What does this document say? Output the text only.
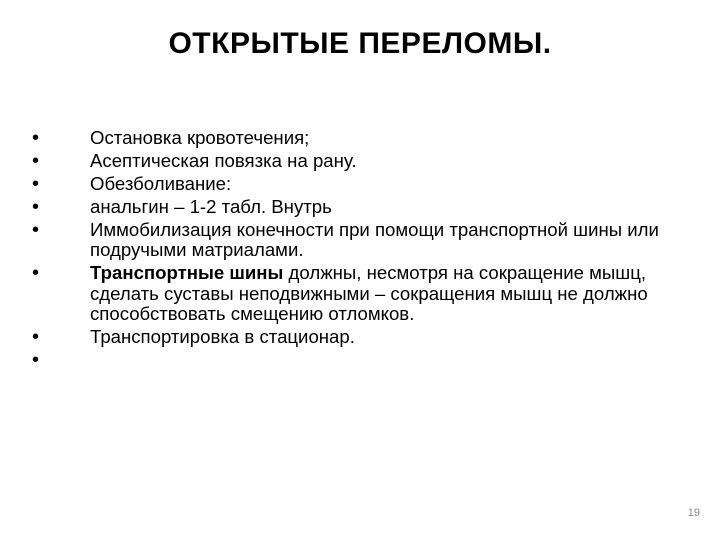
ОТКРЫТЫЕ ПЕРЕЛОМЫ.
•	Остановка кровотечения;
•	Асептическая повязка на рану.
•	Обезболивание:
•	анальгин – 1-2 табл. Внутрь
•	Иммобилизация конечности при помощи транспортной шины или подручыми матриалами.
•	Транспортные шины должны, несмотря на сокращение мышц, сделать суставы неподвижными – сокращения мышц не должно способствовать смещению отломков.
•	Транспортировка в стационар.
•
19
